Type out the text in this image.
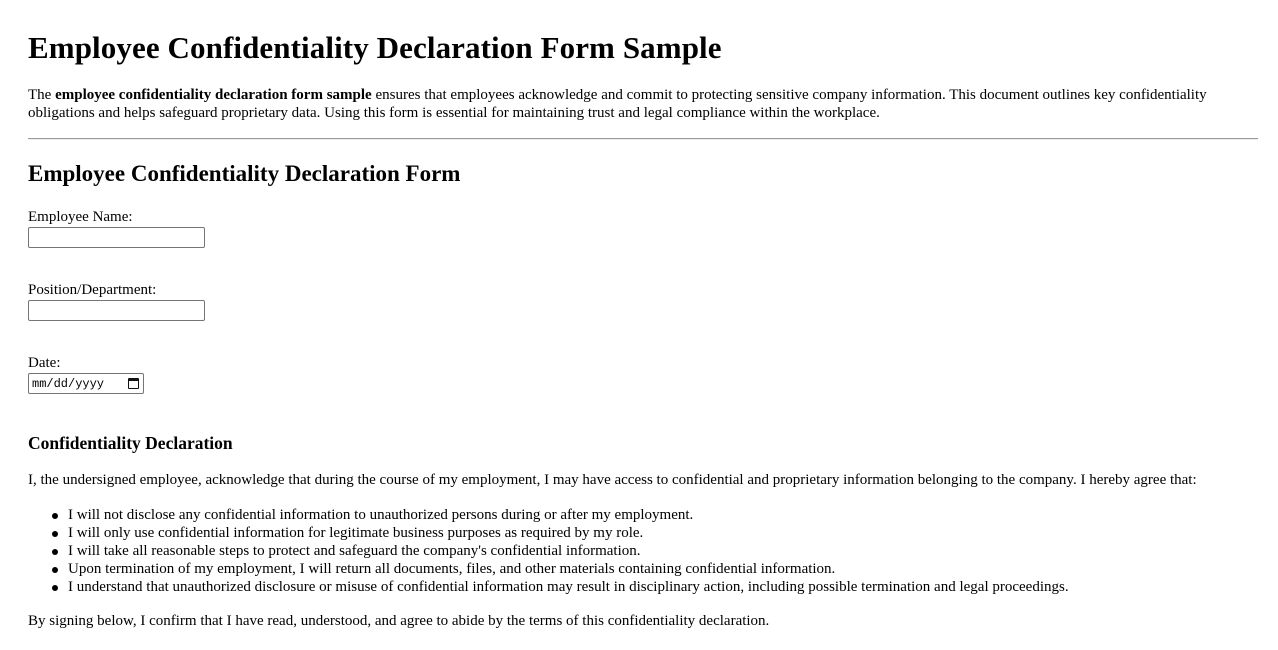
Employee Confidentiality Declaration Form Sample

The employee confidentiality declaration form sample ensures that employees acknowledge and commit to protecting sensitive company information. This document outlines key confidentiality obligations and helps safeguard proprietary data. Using this form is essential for maintaining trust and legal compliance within the workplace.

Employee Confidentiality Declaration Form
Employee Name:
Position/Department:
Date:
mm/dd/yyyy
Confidentiality Declaration

I, the undersigned employee, acknowledge that during the course of my employment, I may have access to confidential and proprietary information belonging to the company. I hereby agree that:

I will not disclose any confidential information to unauthorized persons during or after my employment.
I will only use confidential information for legitimate business purposes as required by my role.
I will take all reasonable steps to protect and safeguard the company's confidential information.
Upon termination of my employment, I will return all documents, files, and other materials containing confidential information.
I understand that unauthorized disclosure or misuse of confidential information may result in disciplinary action, including possible termination and legal proceedings.

By signing below, I confirm that I have read, understood, and agree to abide by the terms of this confidentiality declaration.
